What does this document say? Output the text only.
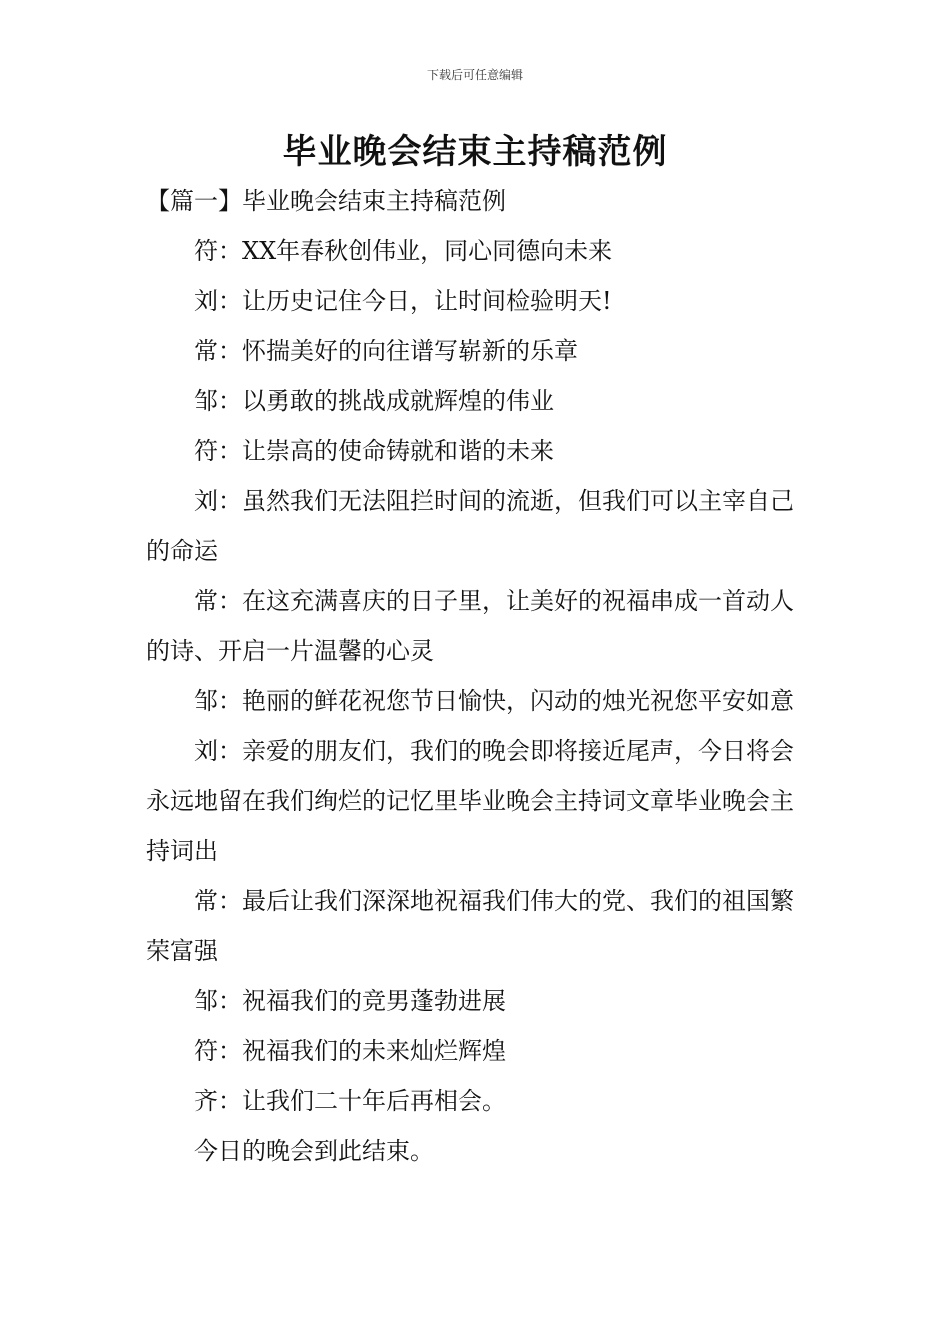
下载后可任意编辑
毕业晚会结束主持稿范例

【篇一】毕业晚会结束主持稿范例

符：XX年春秋创伟业，同心同德向未来

刘：让历史记住今日，让时间检验明天!

常：怀揣美好的向往谱写崭新的乐章

邹：以勇敢的挑战成就辉煌的伟业

符：让崇高的使命铸就和谐的未来

刘：虽然我们无法阻拦时间的流逝，但我们可以主宰自己的命运

常：在这充满喜庆的日子里，让美好的祝福串成一首动人的诗、开启一片温馨的心灵

邹：艳丽的鲜花祝您节日愉快，闪动的烛光祝您平安如意

刘：亲爱的朋友们，我们的晚会即将接近尾声，今日将会永远地留在我们绚烂的记忆里毕业晚会主持词文章毕业晚会主持词出

常：最后让我们深深地祝福我们伟大的党、我们的祖国繁荣富强

邹：祝福我们的竞男蓬勃进展

符：祝福我们的未来灿烂辉煌

齐：让我们二十年后再相会。

今日的晚会到此结束。
